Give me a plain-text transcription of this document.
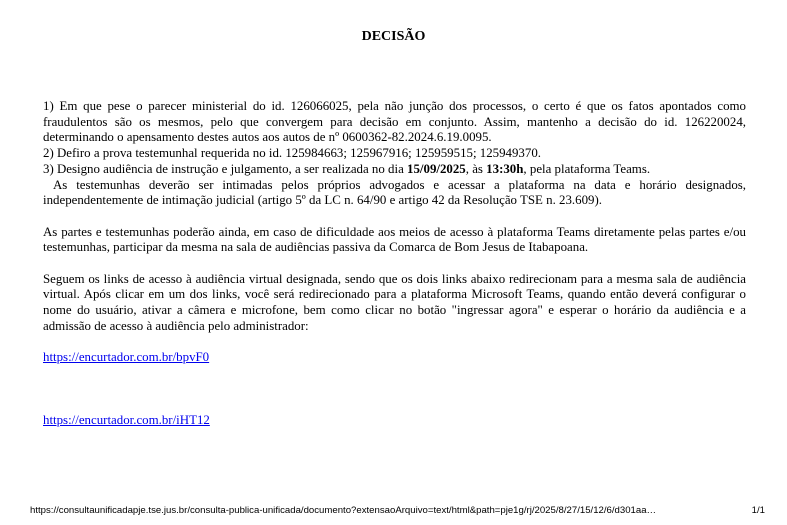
DECISÃO

1) Em que pese o parecer ministerial do id. 126066025, pela não junção dos processos, o certo é que os fatos apontados como fraudulentos são os mesmos, pelo que convergem para decisão em conjunto. Assim, mantenho a decisão do id. 126220024, determinando o apensamento destes autos aos autos de nº 0600362-82.2024.6.19.0095.

2) Defiro a prova testemunhal requerida no id. 125984663; 125967916; 125959515; 125949370.

3) Designo audiência de instrução e julgamento, a ser realizada no dia 15/09/2025, às 13:30h, pela plataforma Teams.

As testemunhas deverão ser intimadas pelos próprios advogados e acessar a plataforma na data e horário designados, independentemente de intimação judicial (artigo 5º da LC n. 64/90 e artigo 42 da Resolução TSE n. 23.609).

As partes e testemunhas poderão ainda, em caso de dificuldade aos meios de acesso à plataforma Teams diretamente pelas partes e/ou testemunhas, participar da mesma na sala de audiências passiva da Comarca de Bom Jesus de Itabapoana.

Seguem os links de acesso à audiência virtual designada, sendo que os dois links abaixo redirecionam para a mesma sala de audiência virtual. Após clicar em um dos links, você será redirecionado para a plataforma Microsoft Teams, quando então deverá configurar o nome do usuário, ativar a câmera e microfone, bem como clicar no botão "ingressar agora" e esperar o horário da audiência e a admissão de acesso à audiência pelo administrador:

https://encurtador.com.br/bpvF0

https://encurtador.com.br/iHT12

https://consultaunificadapje.tse.jus.br/consulta-publica-unificada/documento?extensaoArquivo=text/html&path=pje1g/rj/2025/8/27/15/12/6/d301aa…	1/1
